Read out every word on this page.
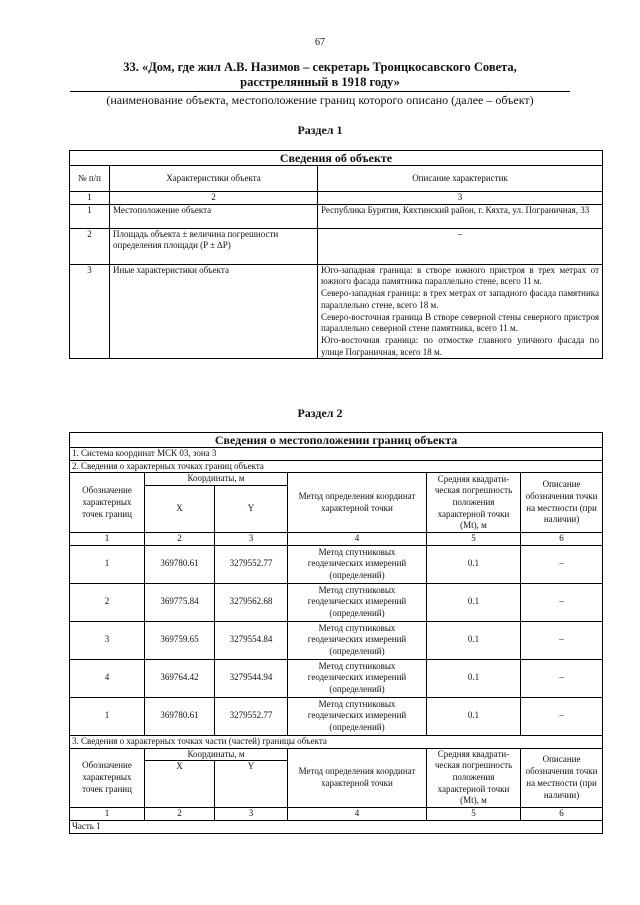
67
33. «Дом, где жил А.В. Назимов – секретарь Троицкосавского Совета,
расстрелянный в 1918 году»
(наименование объекта, местоположение границ которого описано (далее – объект)
Раздел 1
Сведения об объекте		
№ п/п	Характеристики объекта	Описание характеристик
1	2	3
1	Местоположение объекта	Республика Бурятия, Кяхтинский район, г. Кяхта, ул. Пограничная, 33
2	Площадь объекта ± величина погрешности определения площади (P ± ∆P)	–
3	Иные характеристики объекта	Юго-западная граница: в створе южного пристроя в трех метрах от южного фасада памятника параллельно стене, всего 11 м.
Северо-западная граница: в трех метрах от западного фасада памятника параллельно стене, всего 18 м.
Северо-восточная граница В створе северной стены северного пристроя параллельно северной стене памятника, всего 11 м.
Юго-восточная граница: по отмостке главного уличного фасада по улице Пограничная, всего 18 м.
Раздел 2
Сведения о местоположении границ объекта					
1. Система координат МСК 03, зона 3					
2. Сведения о характерных точках границ объекта					
Обозначение характерных точек границ	Координаты, м		Метод определения координат характерной точки	Средняя квадрати-ческая погрешность положения характерной точки (Mt), м	Описание обозначения точки на местности (при наличии)
	X	Y			
1	2	3	4	5	6
1	369780.61	3279552.77	Метод спутниковых геодезических измерений (определений)	0.1	–
2	369775.84	3279562.68	Метод спутниковых геодезических измерений (определений)	0.1	–
3	369759.65	3279554.84	Метод спутниковых геодезических измерений (определений)	0.1	–
4	369764.42	3279544.94	Метод спутниковых геодезических измерений (определений)	0.1	–
1	369780.61	3279552.77	Метод спутниковых геодезических измерений (определений)	0.1	–
3. Сведения о характерных точках части (частей) границы объекта					
Обозначение характерных точек границ	Координаты, м		Метод определения координат характерной точки	Средняя квадрати-ческая погрешность положения характерной точки (Mt), м	Описание обозначения точки на местности (при наличии)
	X	Y			
1	2	3	4	5	6
Часть 1					
